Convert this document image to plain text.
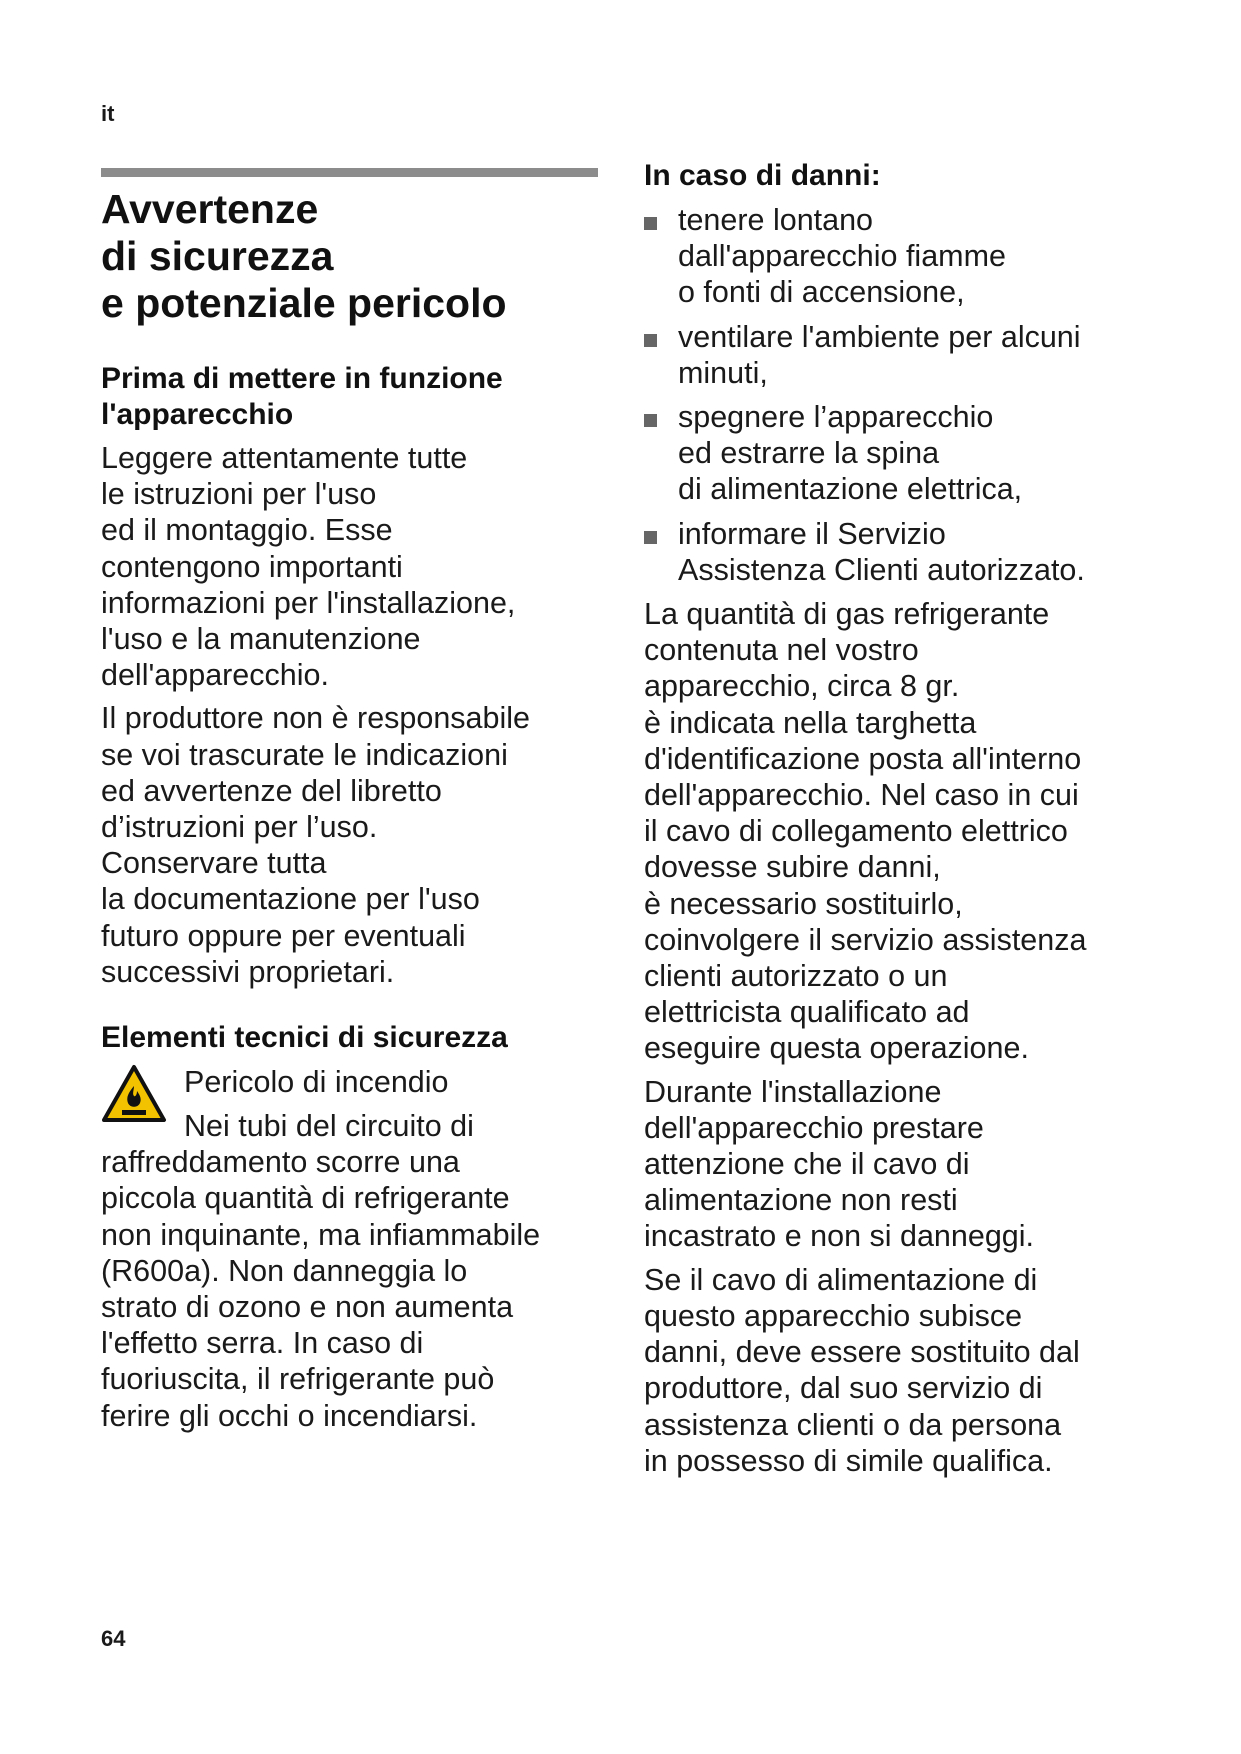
it
Avvertenze
di sicurezza
e potenziale pericolo
Prima di mettere in funzione
l'apparecchio

Leggere attentamente tutte
le istruzioni per l'uso
ed il montaggio. Esse
contengono importanti
informazioni per l'installazione,
l'uso e la manutenzione
dell'apparecchio.

Il produttore non è responsabile
se voi trascurate le indicazioni
ed avvertenze del libretto
d’istruzioni per l’uso.
Conservare tutta
la documentazione per l'uso
futuro oppure per eventuali
successivi proprietari.

Elementi tecnici di sicurezza
Pericolo di incendio

Nei tubi del circuito di
raffreddamento scorre una
piccola quantità di refrigerante
non inquinante, ma infiammabile
(R600a). Non danneggia lo
strato di ozono e non aumenta
l'effetto serra. In caso di
fuoriuscita, il refrigerante può
ferire gli occhi o incendiarsi.

In caso di danni:
tenere lontano
dall'apparecchio fiamme
o fonti di accensione,
ventilare l'ambiente per alcuni
minuti,
spegnere l’apparecchio
ed estrarre la spina
di alimentazione elettrica,
informare il Servizio
Assistenza Clienti autorizzato.

La quantità di gas refrigerante
contenuta nel vostro
apparecchio, circa 8 gr.
è indicata nella targhetta
d'identificazione posta all'interno
dell'apparecchio. Nel caso in cui
il cavo di collegamento elettrico
dovesse subire danni,
è necessario sostituirlo,
coinvolgere il servizio assistenza
clienti autorizzato o un
elettricista qualificato ad
eseguire questa operazione.

Durante l'installazione
dell'apparecchio prestare
attenzione che il cavo di
alimentazione non resti
incastrato e non si danneggi.

Se il cavo di alimentazione di
questo apparecchio subisce
danni, deve essere sostituito dal
produttore, dal suo servizio di
assistenza clienti o da persona
in possesso di simile qualifica.

64
